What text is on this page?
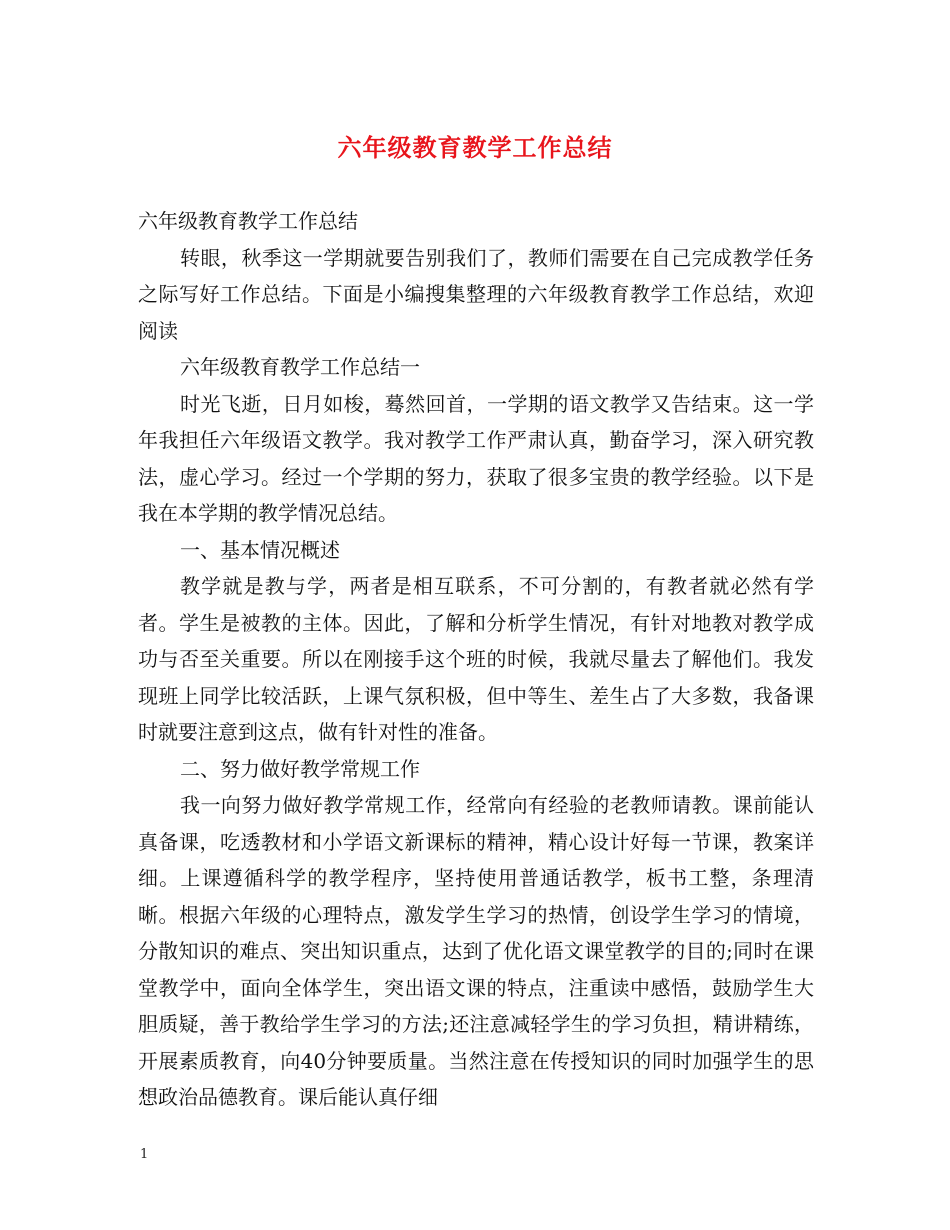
六年级教育教学工作总结

六年级教育教学工作总结

转眼，秋季这一学期就要告别我们了，教师们需要在自己完成教学任务之际写好工作总结。下面是小编搜集整理的六年级教育教学工作总结，欢迎阅读

六年级教育教学工作总结一

时光飞逝，日月如梭，蓦然回首，一学期的语文教学又告结束。这一学年我担任六年级语文教学。我对教学工作严肃认真，勤奋学习，深入研究教法，虚心学习。经过一个学期的努力，获取了很多宝贵的教学经验。以下是我在本学期的教学情况总结。

一、基本情况概述

教学就是教与学，两者是相互联系，不可分割的，有教者就必然有学者。学生是被教的主体。因此，了解和分析学生情况，有针对地教对教学成功与否至关重要。所以在刚接手这个班的时候，我就尽量去了解他们。我发现班上同学比较活跃，上课气氛积极，但中等生、差生占了大多数，我备课时就要注意到这点，做有针对性的准备。

二、努力做好教学常规工作

我一向努力做好教学常规工作，经常向有经验的老教师请教。课前能认真备课，吃透教材和小学语文新课标的精神，精心设计好每一节课，教案详细。上课遵循科学的教学程序，坚持使用普通话教学，板书工整，条理清晰。根据六年级的心理特点，激发学生学习的热情，创设学生学习的情境，分散知识的难点、突出知识重点，达到了优化语文课堂教学的目的;同时在课堂教学中，面向全体学生，突出语文课的特点，注重读中感悟，鼓励学生大胆质疑，善于教给学生学习的方法;还注意减轻学生的学习负担，精讲精练，开展素质教育，向40分钟要质量。当然注意在传授知识的同时加强学生的思想政治品德教育。课后能认真仔细

1
